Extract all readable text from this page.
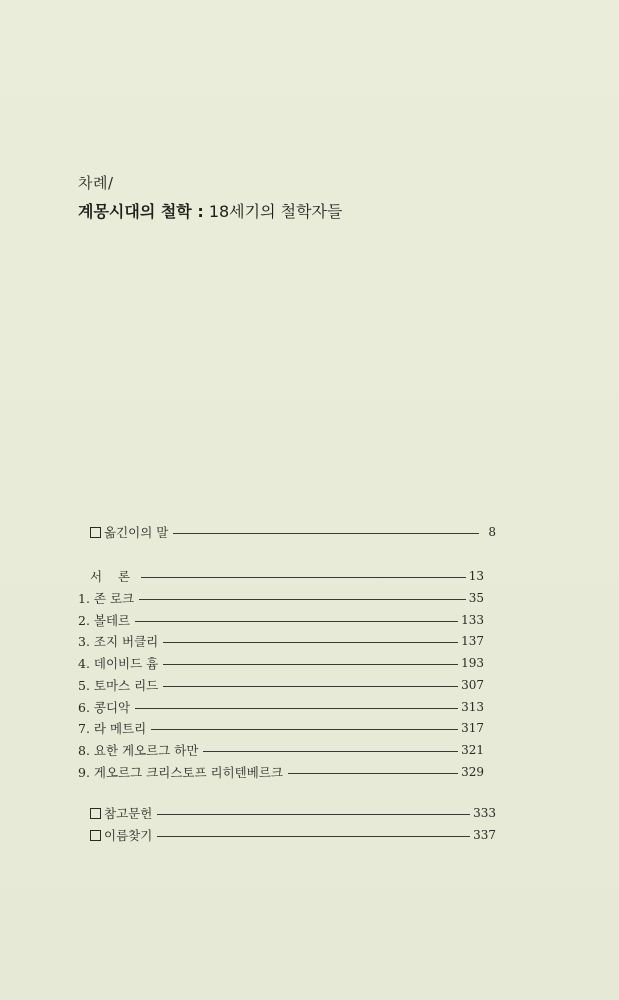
차례/
계몽시대의 철학 : 18세기의 철학자들
옮긴이의 말	8
서 론	13
1. 존 로크	35
2. 볼테르	133
3. 조지 버클리	137
4. 데이비드 흄	193
5. 토마스 리드	307
6. 콩디악	313
7. 라 메트리	317
8. 요한 게오르그 하만	321
9. 게오르그 크리스토프 리히텐베르크	329
참고문헌	333
이름찾기	337
